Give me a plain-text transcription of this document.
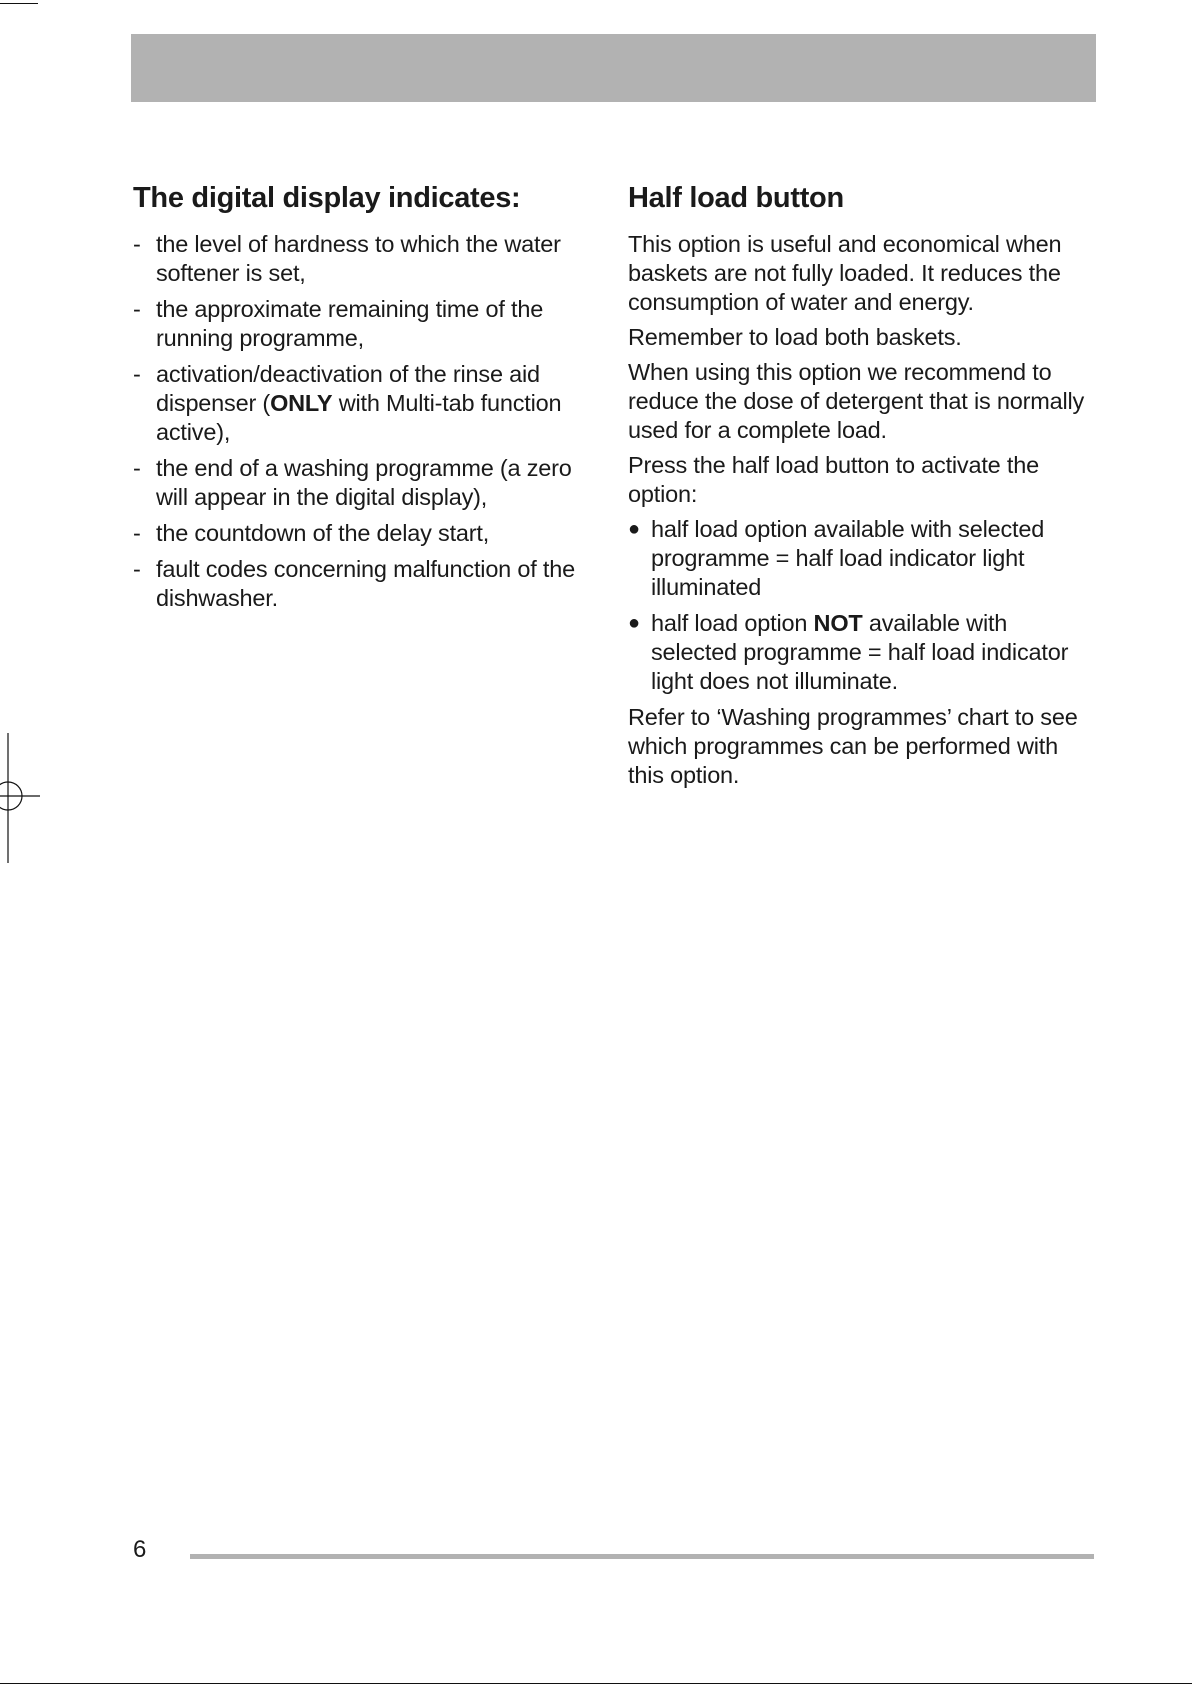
The digital display indicates:
- the level of hardness to which the water softener is set,
- the approximate remaining time of the running programme,
- activation/deactivation of the rinse aid dispenser (ONLY with Multi-tab function active),
- the end of a washing programme (a zero will appear in the digital display),
- the countdown of the delay start,
- fault codes concerning malfunction of the dishwasher.
Half load button

This option is useful and economical when baskets are not fully loaded. It reduces the consumption of water and energy.

Remember to load both baskets.

When using this option we recommend to reduce the dose of detergent that is normally used for a complete load.

Press the half load button to activate the option:

● half load option available with selected programme = half load indicator light illuminated
● half load option NOT available with selected programme = half load indicator light does not illuminate.

Refer to ‘Washing programmes’ chart to see which programmes can be performed with this option.

6
